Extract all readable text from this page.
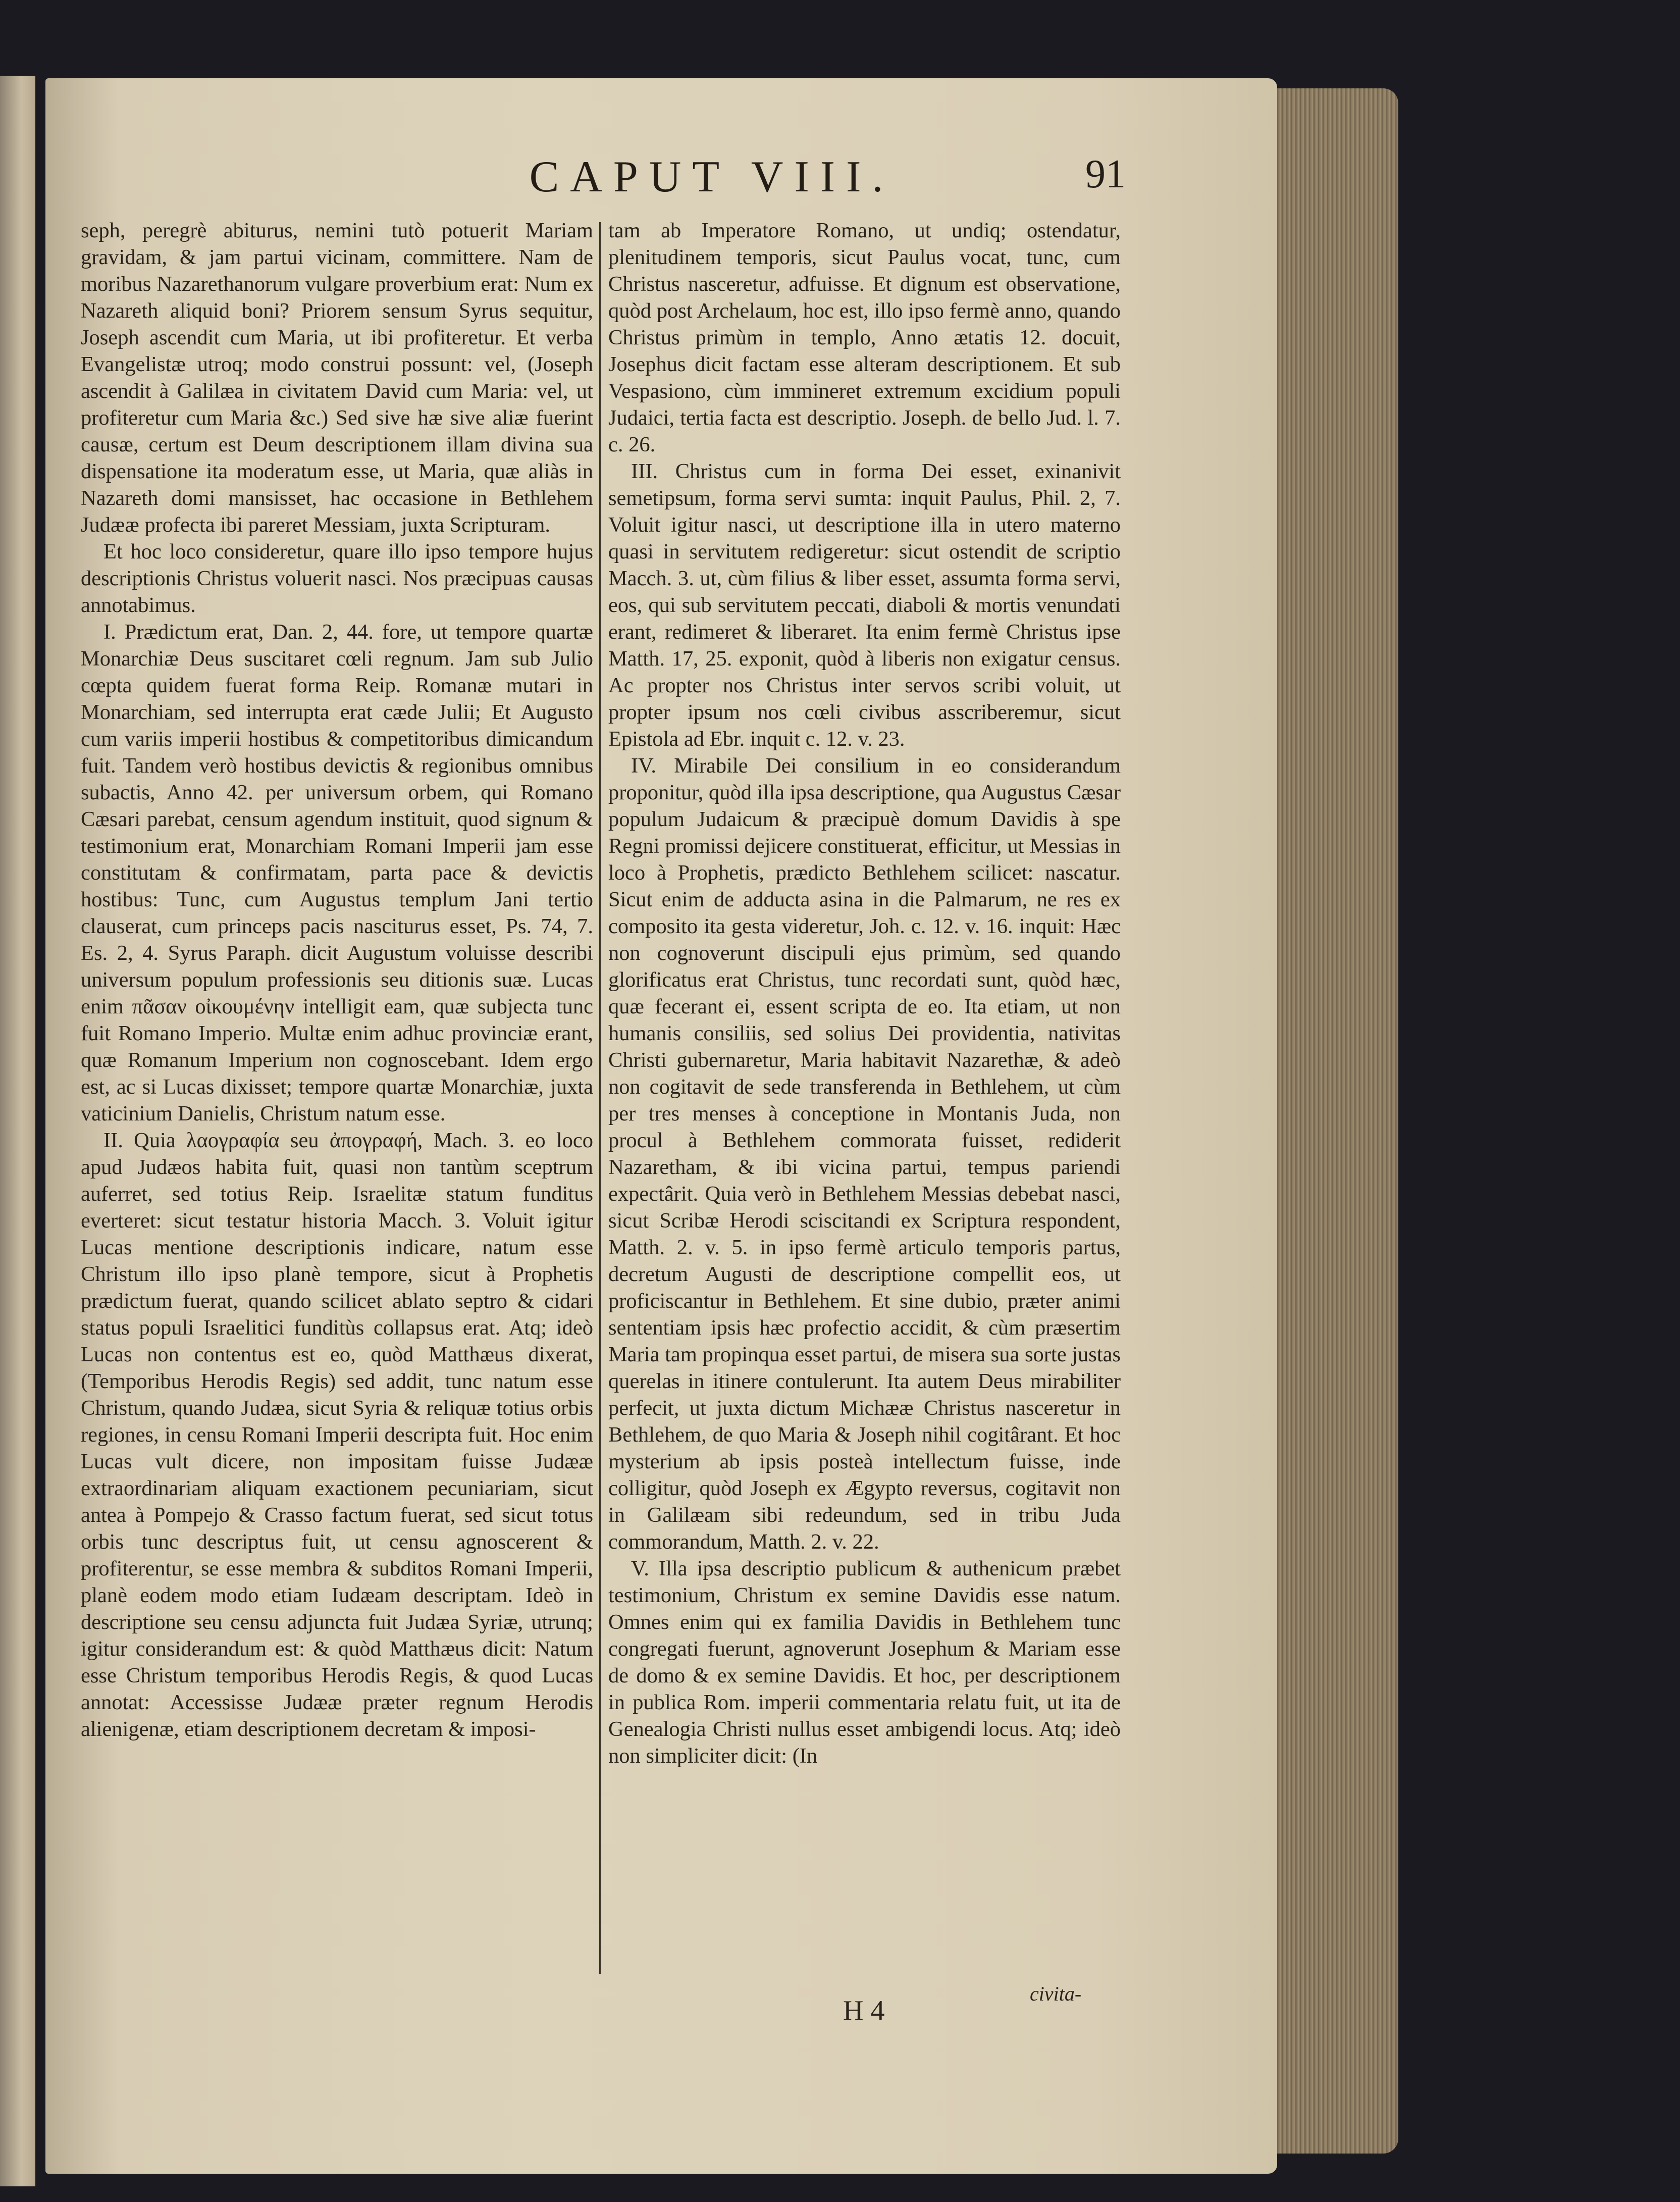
CAPUT VIII.	91

seph, peregrè abiturus, nemini tutò potuerit Mariam gravidam, & jam partui vicinam, committere. Nam de moribus Nazarethanorum vulgare proverbium erat: Num ex Nazareth aliquid boni? Priorem sensum Syrus sequitur, Joseph ascendit cum Maria, ut ibi profiteretur. Et verba Evangelistæ utroq; modo construi possunt: vel, (Joseph ascendit à Galilæa in civitatem David cum Maria: vel, ut profiteretur cum Maria &c.) Sed sive hæ sive aliæ fuerint causæ, certum est Deum descriptionem illam divina sua dispensatione ita moderatum esse, ut Maria, quæ aliàs in Nazareth domi mansisset, hac occasione in Bethlehem Judææ profecta ibi pareret Messiam, juxta Scripturam.

Et hoc loco consideretur, quare illo ipso tempore hujus descriptionis Christus voluerit nasci. Nos præcipuas causas annotabimus.

I. Prædictum erat, Dan. 2, 44. fore, ut tempore quartæ Monarchiæ Deus suscitaret cœli regnum. Jam sub Julio cœpta quidem fuerat forma Reip. Romanæ mutari in Monarchiam, sed interrupta erat cæde Julii; Et Augusto cum variis imperii hostibus & competitoribus dimicandum fuit. Tandem verò hostibus devictis & regionibus omnibus subactis, Anno 42. per universum orbem, qui Romano Cæsari parebat, censum agendum instituit, quod signum & testimonium erat, Monarchiam Romani Imperii jam esse constitutam & confirmatam, parta pace & devictis hostibus: Tunc, cum Augustus templum Jani tertio clauserat, cum princeps pacis nasciturus esset, Ps. 74, 7. Es. 2, 4. Syrus Paraph. dicit Augustum voluisse describi universum populum professionis seu ditionis suæ. Lucas enim πᾶσαν οἰκουμένην intelligit eam, quæ subjecta tunc fuit Romano Imperio. Multæ enim adhuc provinciæ erant, quæ Romanum Imperium non cognoscebant. Idem ergo est, ac si Lucas dixisset; tempore quartæ Monarchiæ, juxta vaticinium Danielis, Christum natum esse.

II. Quia λαογραφία seu ἀπογραφή, Mach. 3. eo loco apud Judæos habita fuit, quasi non tantùm sceptrum auferret, sed totius Reip. Israelitæ statum funditus everteret: sicut testatur historia Macch. 3. Voluit igitur Lucas mentione descriptionis indicare, natum esse Christum illo ipso planè tempore, sicut à Prophetis prædictum fuerat, quando scilicet ablato septro & cidari status populi Israelitici funditùs collapsus erat. Atq; ideò Lucas non contentus est eo, quòd Matthæus dixerat, (Temporibus Herodis Regis) sed addit, tunc natum esse Christum, quando Judæa, sicut Syria & reliquæ totius orbis regiones, in censu Romani Imperii descripta fuit. Hoc enim Lucas vult dicere, non impositam fuisse Judææ extraordinariam aliquam exactionem pecuniariam, sicut antea à Pompejo & Crasso factum fuerat, sed sicut totus orbis tunc descriptus fuit, ut censu agnoscerent & profiterentur, se esse membra & subditos Romani Imperii, planè eodem modo etiam Iudæam descriptam. Ideò in descriptione seu censu adjuncta fuit Judæa Syriæ, utrunq; igitur considerandum est: & quòd Matthæus dicit: Natum esse Christum temporibus Herodis Regis, & quod Lucas annotat: Accessisse Judææ præter regnum Herodis alienigenæ, etiam descriptionem decretam & imposi-

tam ab Imperatore Romano, ut undiq; ostendatur, plenitudinem temporis, sicut Paulus vocat, tunc, cum Christus nasceretur, adfuisse. Et dignum est observatione, quòd post Archelaum, hoc est, illo ipso fermè anno, quando Christus primùm in templo, Anno ætatis 12. docuit, Josephus dicit factam esse alteram descriptionem. Et sub Vespasiono, cùm immineret extremum excidium populi Judaici, tertia facta est descriptio. Joseph. de bello Jud. l. 7. c. 26.

III. Christus cum in forma Dei esset, exinanivit semetipsum, forma servi sumta: inquit Paulus, Phil. 2, 7. Voluit igitur nasci, ut descriptione illa in utero materno quasi in servitutem redigeretur: sicut ostendit de scriptio Macch. 3. ut, cùm filius & liber esset, assumta forma servi, eos, qui sub servitutem peccati, diaboli & mortis venundati erant, redimeret & liberaret. Ita enim fermè Christus ipse Matth. 17, 25. exponit, quòd à liberis non exigatur census. Ac propter nos Christus inter servos scribi voluit, ut propter ipsum nos cœli civibus asscriberemur, sicut Epistola ad Ebr. inquit c. 12. v. 23.

IV. Mirabile Dei consilium in eo considerandum proponitur, quòd illa ipsa descriptione, qua Augustus Cæsar populum Judaicum & præcipuè domum Davidis à spe Regni promissi dejicere constituerat, efficitur, ut Messias in loco à Prophetis, prædicto Bethlehem scilicet: nascatur. Sicut enim de adducta asina in die Palmarum, ne res ex composito ita gesta videretur, Joh. c. 12. v. 16. inquit: Hæc non cognoverunt discipuli ejus primùm, sed quando glorificatus erat Christus, tunc recordati sunt, quòd hæc, quæ fecerant ei, essent scripta de eo. Ita etiam, ut non humanis consiliis, sed solius Dei providentia, nativitas Christi gubernaretur, Maria habitavit Nazarethæ, & adeò non cogitavit de sede transferenda in Bethlehem, ut cùm per tres menses à conceptione in Montanis Juda, non procul à Bethlehem commorata fuisset, rediderit Nazaretham, & ibi vicina partui, tempus pariendi expectârit. Quia verò in Bethlehem Messias debebat nasci, sicut Scribæ Herodi sciscitandi ex Scriptura respondent, Matth. 2. v. 5. in ipso fermè articulo temporis partus, decretum Augusti de descriptione compellit eos, ut proficiscantur in Bethlehem. Et sine dubio, præter animi sententiam ipsis hæc profectio accidit, & cùm præsertim Maria tam propinqua esset partui, de misera sua sorte justas querelas in itinere contulerunt. Ita autem Deus mirabiliter perfecit, ut juxta dictum Michææ Christus nasceretur in Bethlehem, de quo Maria & Joseph nihil cogitârant. Et hoc mysterium ab ipsis posteà intellectum fuisse, inde colligitur, quòd Joseph ex Ægypto reversus, cogitavit non in Galilæam sibi redeundum, sed in tribu Juda commorandum, Matth. 2. v. 22.

V. Illa ipsa descriptio publicum & authenicum præbet testimonium, Christum ex semine Davidis esse natum. Omnes enim qui ex familia Davidis in Bethlehem tunc congregati fuerunt, agnoverunt Josephum & Mariam esse de domo & ex semine Davidis. Et hoc, per descriptionem in publica Rom. imperii commentaria relatu fuit, ut ita de Genealogia Christi nullus esset ambigendi locus. Atq; ideò non simpliciter dicit: (In

H 4
civita-
